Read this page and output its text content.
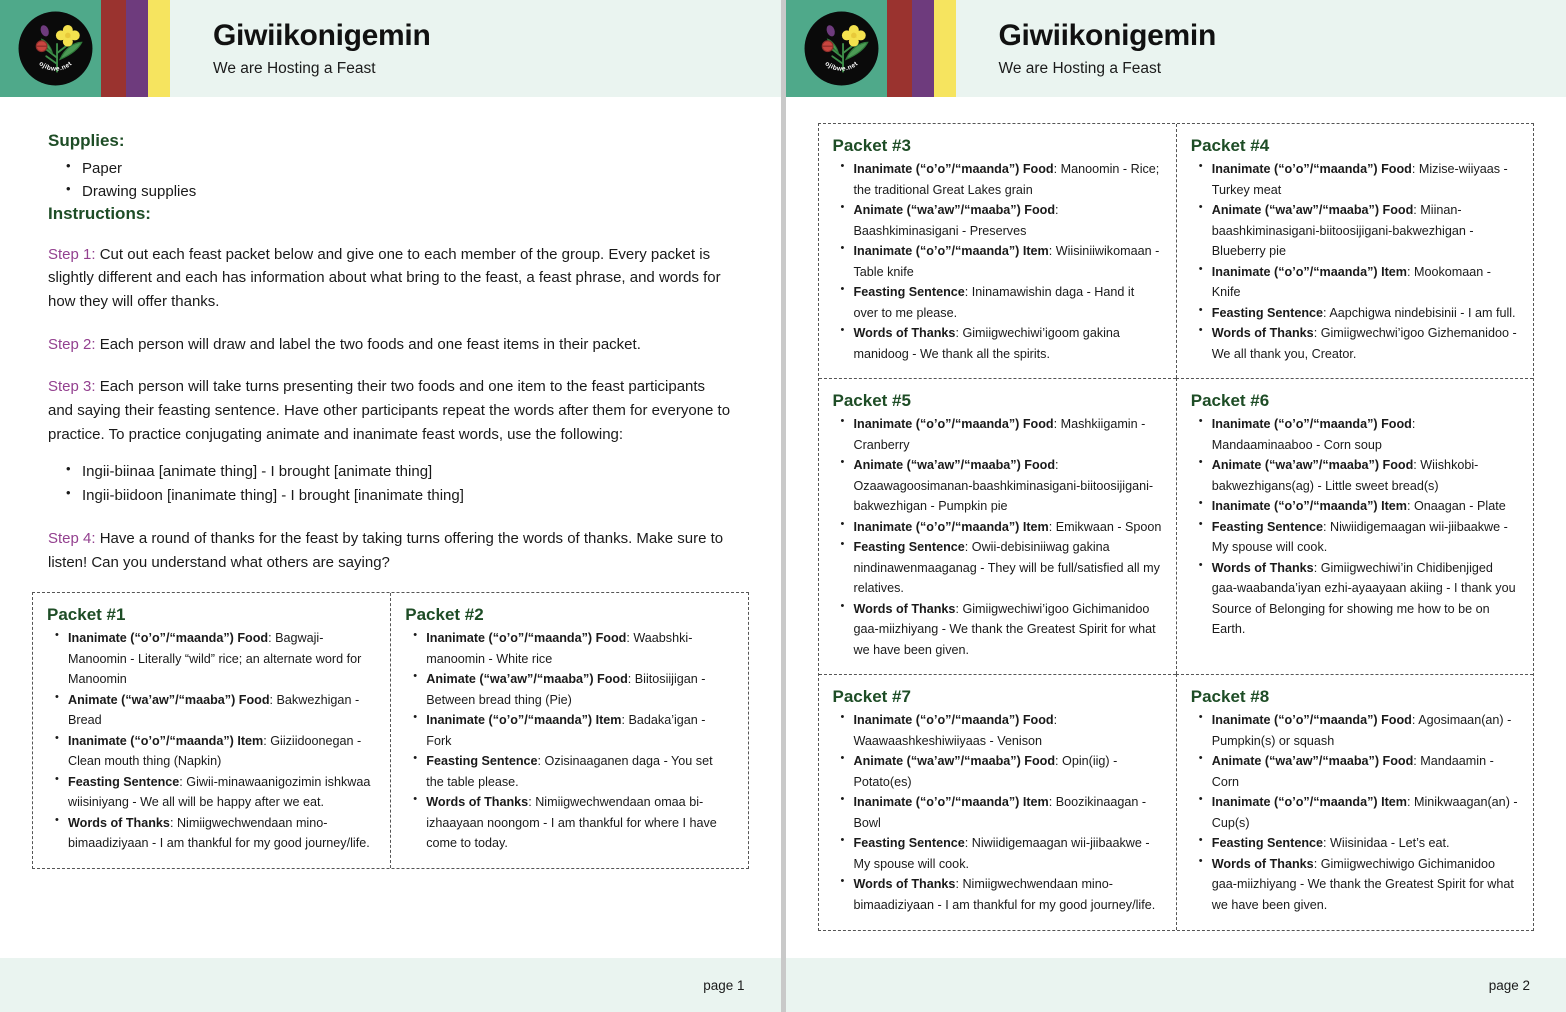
ojibwe.net
Giwiikonigemin
We are Hosting a Feast
Supplies:
• Paper
• Drawing supplies
Instructions:

Step 1: Cut out each feast packet below and give one to each member of the group. Every packet is slightly different and each has information about what bring to the feast, a feast phrase, and words for how they will offer thanks.

Step 2: Each person will draw and label the two foods and one feast items in their packet.

Step 3: Each person will take turns presenting their two foods and one item to the feast participants and saying their feasting sentence. Have other participants repeat the words after them for everyone to practice. To practice conjugating animate and inanimate feast words, use the following:

• Ingii-biinaa [animate thing] - I brought [animate thing]
• Ingii-biidoon [inanimate thing] - I brought [inanimate thing]

Step 4: Have a round of thanks for the feast by taking turns offering the words of thanks. Make sure to listen! Can you understand what others are saying?

Packet #1
• Inanimate (“o’o”/“maanda”) Food: Bagwaji-Manoomin - Literally “wild” rice; an alternate word for Manoomin
• Animate (“wa’aw”/“maaba”) Food: Bakwezhigan - Bread
• Inanimate (“o’o”/“maanda”) Item: Giiziidoonegan - Clean mouth thing (Napkin)
• Feasting Sentence: Giwii-minawaanigozimin ishkwaa wiisiniyang - We all will be happy after we eat.
• Words of Thanks: Nimiigwechwendaan mino-bimaadiziyaan - I am thankful for my good journey/life.
Packet #2
• Inanimate (“o’o”/“maanda”) Food: Waabshki-manoomin - White rice
• Animate (“wa’aw”/“maaba”) Food: Biitosiijigan - Between bread thing (Pie)
• Inanimate (“o’o”/“maanda”) Item: Badaka’igan - Fork
• Feasting Sentence: Ozisinaaganen daga - You set the table please.
• Words of Thanks: Nimiigwechwendaan omaa bi-izhaayaan noongom - I am thankful for where I have come to today.
page 1
ojibwe.net
Giwiikonigemin
We are Hosting a Feast
Packet #3
• Inanimate (“o’o”/“maanda”) Food: Manoomin - Rice; the traditional Great Lakes grain
• Animate (“wa’aw”/“maaba”) Food: Baashkiminasigani - Preserves
• Inanimate (“o’o”/“maanda”) Item: Wiisiniiwikomaan - Table knife
• Feasting Sentence: Ininamawishin daga - Hand it over to me please.
• Words of Thanks: Gimiigwechiwi’igoom gakina manidoog - We thank all the spirits.
Packet #4
• Inanimate (“o’o”/“maanda”) Food: Mizise-wiiyaas - Turkey meat
• Animate (“wa’aw”/“maaba”) Food: Miinan-baashkiminasigani-biitoosijigani-bakwezhigan - Blueberry pie
• Inanimate (“o’o”/“maanda”) Item: Mookomaan - Knife
• Feasting Sentence: Aapchigwa nindebisinii - I am full.
• Words of Thanks: Gimiigwechwi’igoo Gizhemanidoo - We all thank you, Creator.
Packet #5
• Inanimate (“o’o”/“maanda”) Food: Mashkiigamin - Cranberry
• Animate (“wa’aw”/“maaba”) Food: Ozaawagoosimanan-baashkiminasigani-biitoosijigani-bakwezhigan - Pumpkin pie
• Inanimate (“o’o”/“maanda”) Item: Emikwaan - Spoon
• Feasting Sentence: Owii-debisiniiwag gakina nindinawenmaaganag - They will be full/satisfied all my relatives.
• Words of Thanks: Gimiigwechiwi’igoo Gichimanidoo gaa-miizhiyang - We thank the Greatest Spirit for what we have been given.
Packet #6
• Inanimate (“o’o”/“maanda”) Food: Mandaaminaaboo - Corn soup
• Animate (“wa’aw”/“maaba”) Food: Wiishkobi-bakwezhigans(ag) - Little sweet bread(s)
• Inanimate (“o’o”/“maanda”) Item: Onaagan - Plate
• Feasting Sentence: Niwiidigemaagan wii-jiibaakwe - My spouse will cook.
• Words of Thanks: Gimiigwechiwi’in Chidibenjiged gaa-waabanda’iyan ezhi-ayaayaan akiing - I thank you Source of Belonging for showing me how to be on Earth.
Packet #7
• Inanimate (“o’o”/“maanda”) Food: Waawaashkeshiwiiyaas - Venison
• Animate (“wa’aw”/“maaba”) Food: Opin(iig) - Potato(es)
• Inanimate (“o’o”/“maanda”) Item: Boozikinaagan - Bowl
• Feasting Sentence: Niwiidigemaagan wii-jiibaakwe - My spouse will cook.
• Words of Thanks: Nimiigwechwendaan mino-bimaadiziyaan - I am thankful for my good journey/life.
Packet #8
• Inanimate (“o’o”/“maanda”) Food: Agosimaan(an) - Pumpkin(s) or squash
• Animate (“wa’aw”/“maaba”) Food: Mandaamin - Corn
• Inanimate (“o’o”/“maanda”) Item: Minikwaagan(an) - Cup(s)
• Feasting Sentence: Wiisinidaa - Let’s eat.
• Words of Thanks: Gimiigwechiwigo Gichimanidoo gaa-miizhiyang - We thank the Greatest Spirit for what we have been given.
page 2
